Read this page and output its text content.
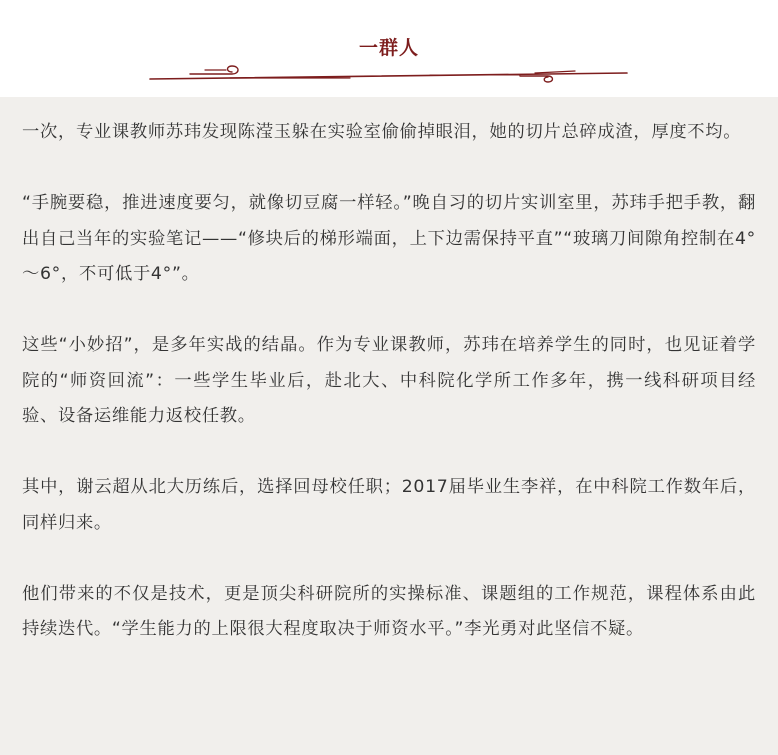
一群人

一次，专业课教师苏玮发现陈滢玉躲在实验室偷偷掉眼泪，她的切片总碎成渣，厚度不均。

“手腕要稳，推进速度要匀，就像切豆腐一样轻。”晚自习的切片实训室里，苏玮手把手教，翻出自己当年的实验笔记——“修块后的梯形端面，上下边需保持平直”“玻璃刀间隙角控制在4°～6°，不可低于4°”。

这些“小妙招”，是多年实战的结晶。作为专业课教师，苏玮在培养学生的同时，也见证着学院的“师资回流”：一些学生毕业后，赴北大、中科院化学所工作多年，携一线科研项目经验、设备运维能力返校任教。

其中，谢云超从北大历练后，选择回母校任职；2017届毕业生李祥，在中科院工作数年后，同样归来。

他们带来的不仅是技术，更是顶尖科研院所的实操标准、课题组的工作规范，课程体系由此持续迭代。“学生能力的上限很大程度取决于师资水平。”李光勇对此坚信不疑。
